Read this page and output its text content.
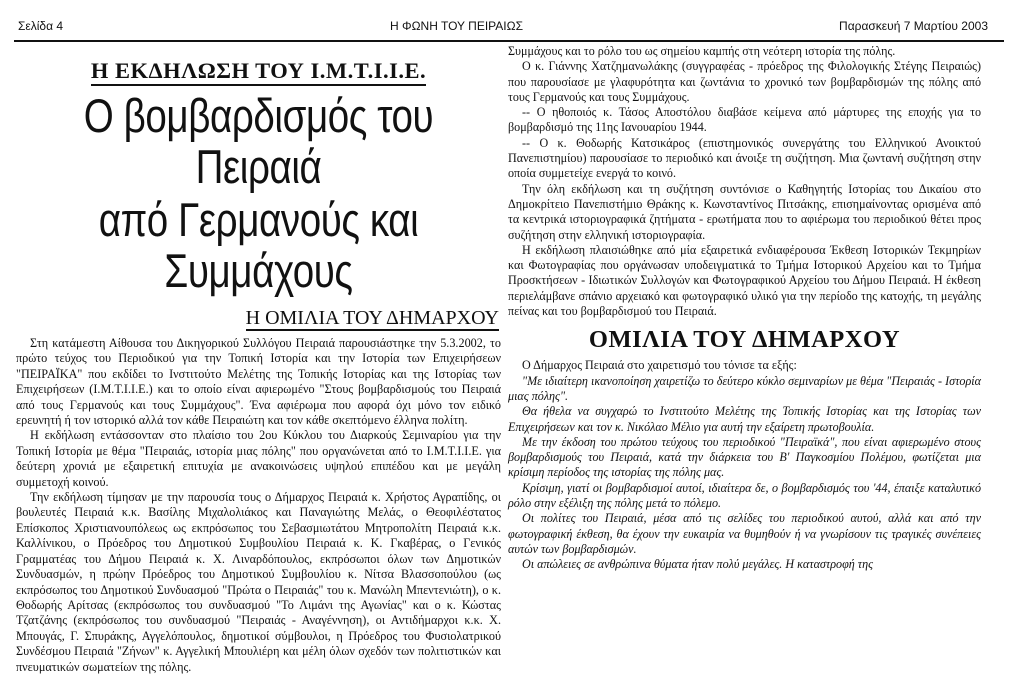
Σελίδα 4	Η ΦΩΝΗ ΤΟΥ ΠΕΙΡΑΙΩΣ	Παρασκευή 7 Μαρτίου 2003
Η ΕΚΔΗΛΩΣΗ ΤΟΥ Ι.Μ.Τ.Ι.Ι.Ε.
Ο βομβαρδισμός του Πειραιά
από Γερμανούς και Συμμάχους
Η ΟΜΙΛΙΑ ΤΟΥ ΔΗΜΑΡΧΟΥ

Στη κατάμεστη Αίθουσα του Δικηγορικού Συλλόγου Πειραιά παρουσιάστηκε την 5.3.2002, το πρώτο τεύχος του Περιοδικού για την Τοπική Ιστορία και την Ιστορία των Επιχειρήσεων "ΠΕΙΡΑΪΚΑ" που εκδίδει το Ινστιτούτο Μελέτης της Τοπικής Ιστορίας και της Ιστορίας των Επιχειρήσεων (Ι.Μ.Τ.Ι.Ι.Ε.) και το οποίο είναι αφιερωμένο "Στους βομβαρδισμούς του Πειραιά από τους Γερμανούς και τους Συμμάχους". Ένα αφιέρωμα που αφορά όχι μόνο τον ειδικό ερευνητή ή τον ιστορικό αλλά τον κάθε Πειραιώτη και τον κάθε σκεπτόμενο έλληνα πολίτη.

Η εκδήλωση εντάσσονταν στο πλαίσιο του 2ου Κύκλου του Διαρκούς Σεμιναρίου για την Τοπική Ιστορία με θέμα "Πειραιάς, ιστορία μιας πόλης" που οργανώνεται από το Ι.Μ.Τ.Ι.Ι.Ε. για δεύτερη χρονιά με εξαιρετική επιτυχία με ανακοινώσεις υψηλού επιπέδου και με μεγάλη συμμετοχή κοινού.

Την εκδήλωση τίμησαν με την παρουσία τους ο Δήμαρχος Πειραιά κ. Χρήστος Αγραπίδης, οι βουλευτές Πειραιά κ.κ. Βασίλης Μιχαλολιάκος και Παναγιώτης Μελάς, ο Θεοφιλέστατος Επίσκοπος Χριστιανουπόλεως ως εκπρόσωπος του Σεβασμιωτάτου Μητροπολίτη Πειραιά κ.κ. Καλλίνικου, ο Πρόεδρος του Δημοτικού Συμβουλίου Πειραιά κ. Κ. Γκαβέρας, ο Γενικός Γραμματέας του Δήμου Πειραιά κ. Χ. Λιναρδόπουλος, εκπρόσωποι όλων των Δημοτικών Συνδυασμών, η πρώην Πρόεδρος του Δημοτικού Συμβουλίου κ. Νίτσα Βλασσοπούλου (ως εκπρόσωπος του Δημοτικού Συνδυασμού "Πρώτα ο Πειραιάς" του κ. Μανώλη Μπεντενιώτη), ο κ. Θοδωρής Αρίτσας (εκπρόσωπος του συνδυασμού "Το Λιμάνι της Αγωνίας" και ο κ. Κώστας Τζατζάνης (εκπρόσωπος του συνδυασμού "Πειραιάς - Αναγέννηση), οι Αντιδήμαρχοι κ.κ. Χ. Μπουγάς, Γ. Σπυράκης, Αγγελόπουλος, δημοτικοί σύμβουλοι, η Πρόεδρος του Φυσιολατρικού Συνδέσμου Πειραιά "Ζήνων" κ. Αγγελική Μπουλιέρη και μέλη όλων σχεδόν των πολιτιστικών και πνευματικών σωματείων της πόλης.

Συμμάχους και το ρόλο του ως σημείου καμπής στη νεότερη ιστορία της πόλης.

Ο κ. Γιάννης Χατζημανωλάκης (συγγραφέας - πρόεδρος της Φιλολογικής Στέγης Πειραιώς) που παρουσίασε με γλαφυρότητα και ζωντάνια το χρονικό των βομβαρδισμών της πόλης από τους Γερμανούς και τους Συμμάχους.

-- Ο ηθοποιός κ. Τάσος Αποστόλου διαβάσε κείμενα από μάρτυρες της εποχής για το βομβαρδισμό της 11ης Ιανουαρίου 1944.

-- Ο κ. Θοδωρής Κατσικάρος (επιστημονικός συνεργάτης του Ελληνικού Ανοικτού Πανεπιστημίου) παρουσίασε το περιοδικό και άνοιξε τη συζήτηση. Μια ζωντανή συζήτηση στην οποία συμμετείχε ενεργά το κοινό.

Την όλη εκδήλωση και τη συζήτηση συντόνισε ο Καθηγητής Ιστορίας του Δικαίου στο Δημοκρίτειο Πανεπιστήμιο Θράκης κ. Κωνσταντίνος Πιτσάκης, επισημαίνοντας ορισμένα από τα κεντρικά ιστοριογραφικά ζητήματα - ερωτήματα που το αφιέρωμα του περιοδικού θέτει προς συζήτηση στην ελληνική ιστοριογραφία.

Η εκδήλωση πλαισιώθηκε από μία εξαιρετικά ενδιαφέρουσα Έκθεση Ιστορικών Τεκμηρίων και Φωτογραφίας που οργάνωσαν υποδειγματικά το Τμήμα Ιστορικού Αρχείου και το Τμήμα Προσκτήσεων - Ιδιωτικών Συλλογών και Φωτογραφικού Αρχείου του Δήμου Πειραιά. Η έκθεση περιελάμβανε σπάνιο αρχειακό και φωτογραφικό υλικό για την περίοδο της κατοχής, τη μεγάλης πείνας και του βομβαρδισμού του Πειραιά.

ΟΜΙΛΙΑ ΤΟΥ ΔΗΜΑΡΧΟΥ

Ο Δήμαρχος Πειραιά στο χαιρετισμό του τόνισε τα εξής:

"Με ιδιαίτερη ικανοποίηση χαιρετίζω το δεύτερο κύκλο σεμιναρίων με θέμα "Πειραιάς - Ιστορία μιας πόλης".

Θα ήθελα να συγχαρώ το Ινστιτούτο Μελέτης της Τοπικής Ιστορίας και της Ιστορίας των Επιχειρήσεων και τον κ. Νικόλαο Μέλιο για αυτή την εξαίρετη πρωτοβουλία.

Με την έκδοση του πρώτου τεύχους του περιοδικού "Πειραϊκά", που είναι αφιερωμένο στους βομβαρδισμούς του Πειραιά, κατά την διάρκεια του Β' Παγκοσμίου Πολέμου, φωτίζεται μια κρίσιμη περίοδος της ιστορίας της πόλης μας.

Κρίσιμη, γιατί οι βομβαρδισμοί αυτοί, ιδιαίτερα δε, ο βομβαρδισμός του '44, έπαιξε καταλυτικό ρόλο στην εξέλιξη της πόλης μετά το πόλεμο.

Οι πολίτες του Πειραιά, μέσα από τις σελίδες του περιοδικού αυτού, αλλά και από την φωτογραφική έκθεση, θα έχουν την ευκαιρία να θυμηθούν ή να γνωρίσουν τις τραγικές συνέπειες αυτών των βομβαρδισμών.

Οι απώλειες σε ανθρώπινα θύματα ήταν πολύ μεγάλες. Η καταστροφή της
